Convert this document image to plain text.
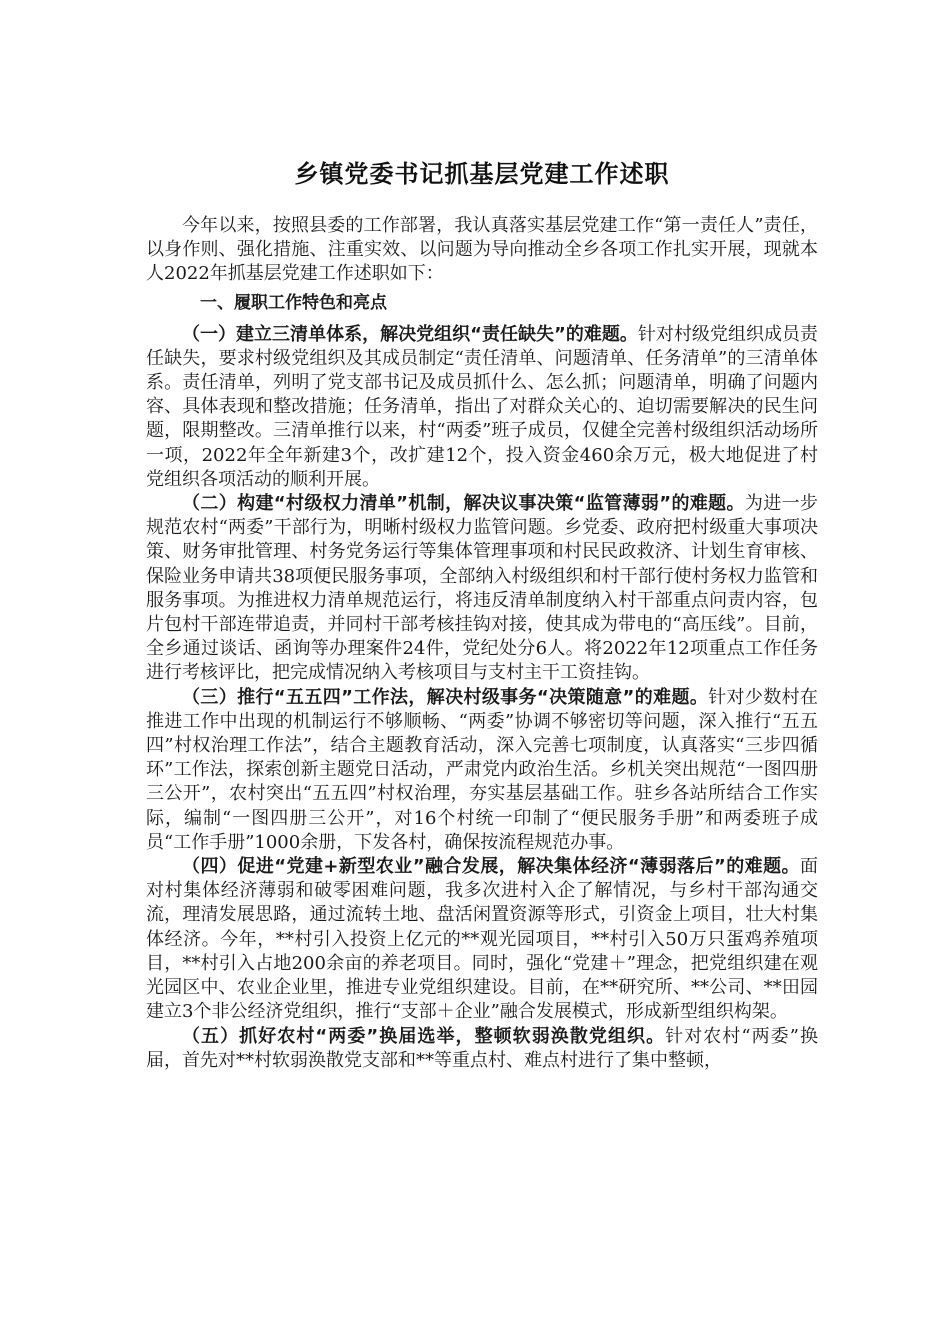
乡镇党委书记抓基层党建工作述职

今年以来，按照县委的工作部署，我认真落实基层党建工作“第一责任人”责任，以身作则、强化措施、注重实效、以问题为导向推动全乡各项工作扎实开展，现就本人2022年抓基层党建工作述职如下：

一、履职工作特色和亮点

（一）建立三清单体系，解决党组织“责任缺失”的难题。针对村级党组织成员责任缺失，要求村级党组织及其成员制定“责任清单、问题清单、任务清单”的三清单体系。责任清单，列明了党支部书记及成员抓什么、怎么抓；问题清单，明确了问题内容、具体表现和整改措施；任务清单，指出了对群众关心的、迫切需要解决的民生问题，限期整改。三清单推行以来，村“两委”班子成员，仅健全完善村级组织活动场所一项，2022年全年新建3个，改扩建12个，投入资金460余万元，极大地促进了村党组织各项活动的顺利开展。

（二）构建“村级权力清单”机制，解决议事决策“监管薄弱”的难题。为进一步规范农村“两委”干部行为，明晰村级权力监管问题。乡党委、政府把村级重大事项决策、财务审批管理、村务党务运行等集体管理事项和村民民政救济、计划生育审核、保险业务申请共38项便民服务事项，全部纳入村级组织和村干部行使村务权力监管和服务事项。为推进权力清单规范运行，将违反清单制度纳入村干部重点问责内容，包片包村干部连带追责，并同村干部考核挂钩对接，使其成为带电的“高压线”。目前，全乡通过谈话、函询等办理案件24件，党纪处分6人。将2022年12项重点工作任务进行考核评比，把完成情况纳入考核项目与支村主干工资挂钩。

（三）推行“五五四”工作法，解决村级事务“决策随意”的难题。针对少数村在推进工作中出现的机制运行不够顺畅、“两委”协调不够密切等问题，深入推行“五五四”村权治理工作法”，结合主题教育活动，深入完善七项制度，认真落实“三步四循环”工作法，探索创新主题党日活动，严肃党内政治生活。乡机关突出规范“一图四册三公开”，农村突出“五五四”村权治理，夯实基层基础工作。驻乡各站所结合工作实际，编制“一图四册三公开”，对16个村统一印制了“便民服务手册”和两委班子成员“工作手册”1000余册，下发各村，确保按流程规范办事。

（四）促进“党建+新型农业”融合发展，解决集体经济“薄弱落后”的难题。面对村集体经济薄弱和破零困难问题，我多次进村入企了解情况，与乡村干部沟通交流，理清发展思路，通过流转土地、盘活闲置资源等形式，引资金上项目，壮大村集体经济。今年，**村引入投资上亿元的**观光园项目，**村引入50万只蛋鸡养殖项目，**村引入占地200余亩的养老项目。同时，强化“党建＋”理念，把党组织建在观光园区中、农业企业里，推进专业党组织建设。目前，在**研究所、**公司、**田园建立3个非公经济党组织，推行“支部＋企业”融合发展模式，形成新型组织构架。

（五）抓好农村“两委”换届选举，整顿软弱涣散党组织。针对农村“两委”换届，首先对**村软弱涣散党支部和**等重点村、难点村进行了集中整顿，
